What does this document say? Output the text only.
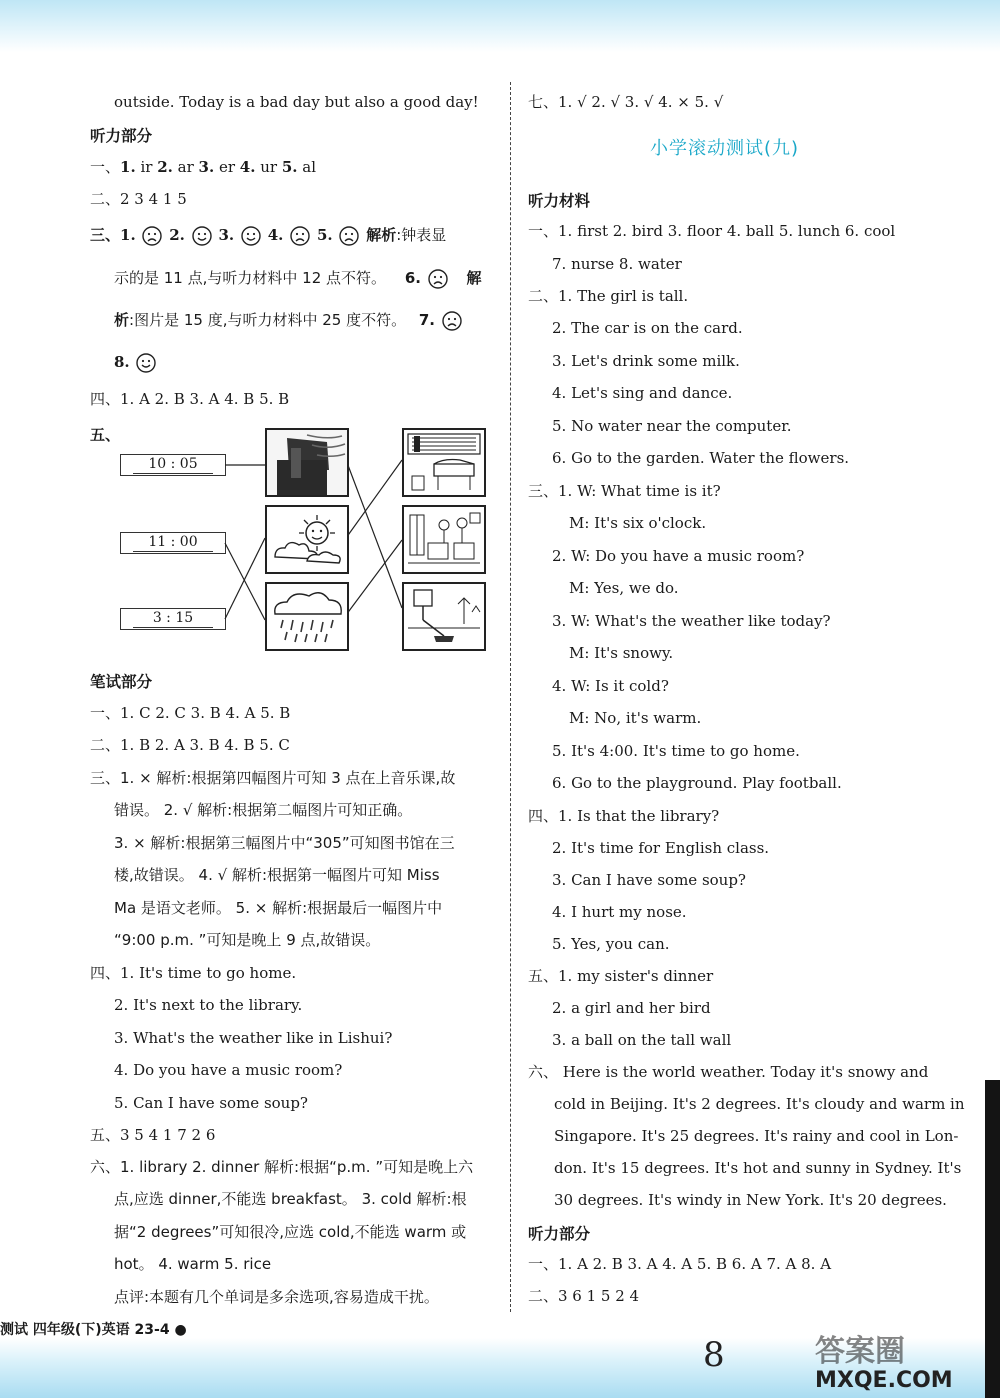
outside. Today is a bad day but also a good day!
听力部分
一、1. ir 2. ar 3. er 4. ur 5. al
二、2 3 4 1 5
三、1. 2. 3. 4. 5. 解析:钟表显
示的是 11 点,与听力材料中 12 点不符。 6.	解
析:图片是 15 度,与听力材料中 25 度不符。 7.
8.
四、1. A 2. B 3. A 4. B 5. B
五、
10 : 05
11 : 00
3 : 15
笔试部分
一、1. C 2. C 3. B 4. A 5. B
二、1. B 2. A 3. B 4. B 5. C
三、1. × 解析:根据第四幅图片可知 3 点在上音乐课,故
错误。 2. √ 解析:根据第二幅图片可知正确。
3. × 解析:根据第三幅图片中“305”可知图书馆在三
楼,故错误。 4. √ 解析:根据第一幅图片可知 Miss
Ma 是语文老师。 5. × 解析:根据最后一幅图片中
“9:00 p.m. ”可知是晚上 9 点,故错误。
四、1. It's time to go home.
2. It's next to the library.
3. What's the weather like in Lishui?
4. Do you have a music room?
5. Can I have some soup?
五、3 5 4 1 7 2 6
六、1. library 2. dinner 解析:根据“p.m. ”可知是晚上六
点,应选 dinner,不能选 breakfast。 3. cold 解析:根
据“2 degrees”可知很冷,应选 cold,不能选 warm 或
hot。 4. warm 5. rice
点评:本题有几个单词是多余选项,容易造成干扰。
七、1. √ 2. √ 3. √ 4. × 5. √
小学滚动测试(九)
听力材料
一、1. first 2. bird 3. floor 4. ball 5. lunch 6. cool
7. nurse 8. water
二、1. The girl is tall.
2. The car is on the card.
3. Let's drink some milk.
4. Let's sing and dance.
5. No water near the computer.
6. Go to the garden. Water the flowers.
三、1. W: What time is it?
M: It's six o'clock.
2. W: Do you have a music room?
M: Yes, we do.
3. W: What's the weather like today?
M: It's snowy.
4. W: Is it cold?
M: No, it's warm.
5. It's 4:00. It's time to go home.
6. Go to the playground. Play football.
四、1. Is that the library?
2. It's time for English class.
3. Can I have some soup?
4. I hurt my nose.
5. Yes, you can.
五、1. my sister's dinner
2. a girl and her bird
3. a ball on the tall wall
六、 Here is the world weather. Today it's snowy and
cold in Beijing. It's 2 degrees. It's cloudy and warm in
Singapore. It's 25 degrees. It's rainy and cool in Lon-
don. It's 15 degrees. It's hot and sunny in Sydney. It's
30 degrees. It's windy in New York. It's 20 degrees.
听力部分
一、1. A 2. B 3. A 4. A 5. B 6. A 7. A 8. A
二、3 6 1 5 2 4
测试 四年级(下)英语 23-4 ●
8	答案圈
MXQE.COM
